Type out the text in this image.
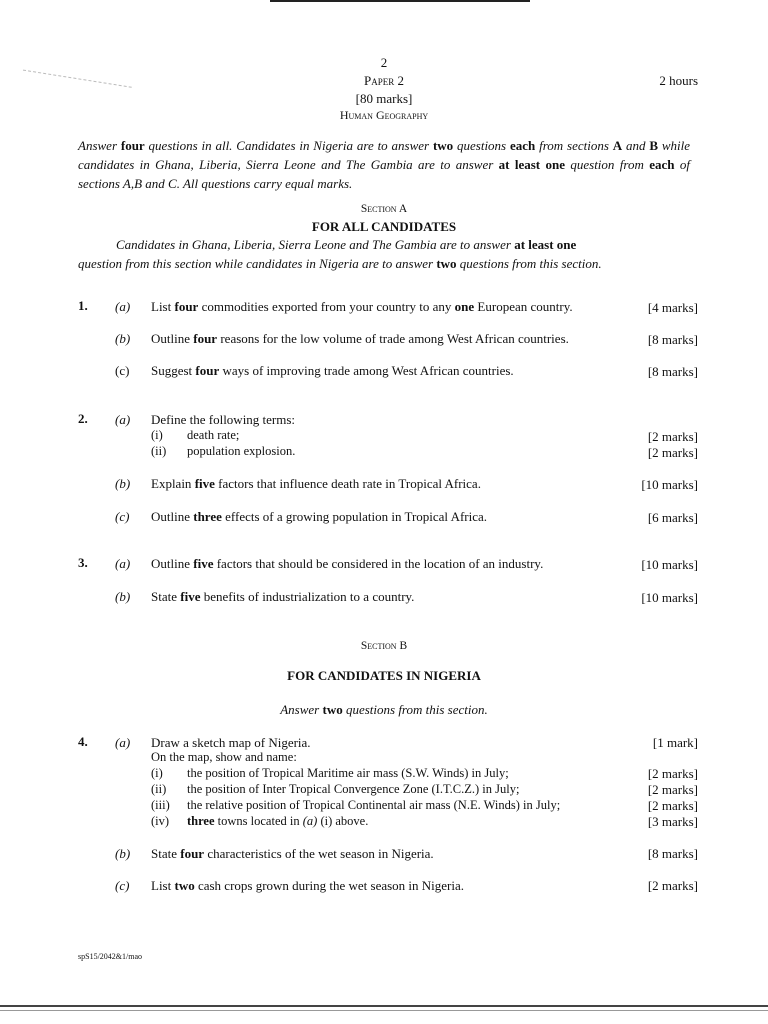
2
Paper 2	2 hours
[80 marks]
Human Geography
Answer four questions in all. Candidates in Nigeria are to answer two questions each from sections A and B while candidates in Ghana, Liberia, Sierra Leone and The Gambia are to answer at least one question from each of sections A,B and C. All questions carry equal marks.
Section A
FOR ALL CANDIDATES
Candidates in Ghana, Liberia, Sierra Leone and The Gambia are to answer at least one
question from this section while candidates in Nigeria are to answer two questions from this section.
1. (a) List four commodities exported from your country to any one European country.	[4 marks]
(b) Outline four reasons for the low volume of trade among West African countries.	[8 marks]
(c) Suggest four ways of improving trade among West African countries.	[8 marks]
2. (a) Define the following terms:
(i) death rate;	[2 marks]
(ii) population explosion.	[2 marks]
(b) Explain five factors that influence death rate in Tropical Africa.	[10 marks]
(c) Outline three effects of a growing population in Tropical Africa.	[6 marks]
3. (a) Outline five factors that should be considered in the location of an industry.	[10 marks]
(b) State five benefits of industrialization to a country.	[10 marks]
Section B
FOR CANDIDATES IN NIGERIA
Answer two questions from this section.
4. (a) Draw a sketch map of Nigeria.	[1 mark]
On the map, show and name:
(i) the position of Tropical Maritime air mass (S.W. Winds) in July;	[2 marks]
(ii) the position of Inter Tropical Convergence Zone (I.T.C.Z.) in July;	[2 marks]
(iii) the relative position of Tropical Continental air mass (N.E. Winds) in July;	[2 marks]
(iv) three towns located in (a) (i) above.	[3 marks]
(b) State four characteristics of the wet season in Nigeria.	[8 marks]
(c) List two cash crops grown during the wet season in Nigeria.	[2 marks]
spS15/2042&1/mao
